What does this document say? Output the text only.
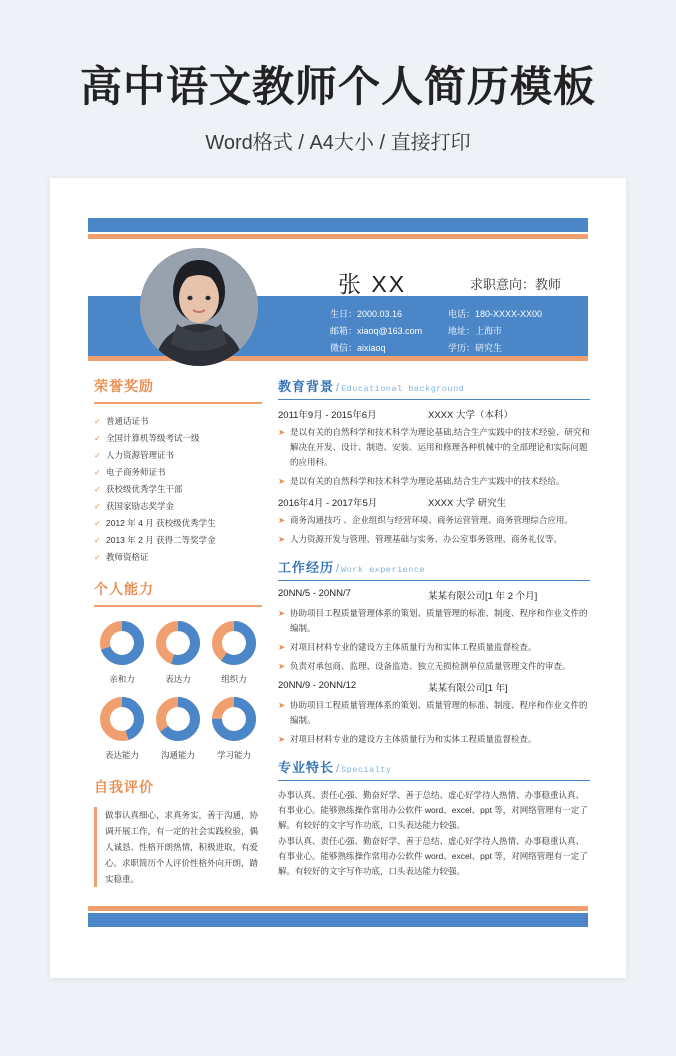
高中语文教师个人简历模板
Word格式 / A4大小 / 直接打印
张 XX	求职意向：教师
生日：2000.03.16	电话：180-XXXX-XX00
邮箱：xiaoq@163.com	地址：上海市
微信：aixiaoq	学历：研究生
荣誉奖励
✓ 普通话证书
✓ 全国计算机等级考试一级
✓ 人力资源管理证书
✓ 电子商务师证书
✓ 获校级优秀学生干部
✓ 获国家励志奖学金
✓ 2012 年 4 月 获校级优秀学生
✓ 2013 年 2 月 获得二等奖学金
✓ 教师资格证
个人能力
亲和力	表达力	组织力
表达能力	沟通能力	学习能力
自我评价
做事认真细心，求真务实，善于沟通，协调开展工作，有一定的社会实践检验，偶人诚恳、性格开朗热情，积极进取，有爱心。求职简历个人评价性格外向开朗，踏实稳重。
教育背景 / Educational background
2011年9月 - 2015年6月	XXXX 大学（本科）
➤ 是以有关的自然科学和技术科学为理论基础,结合生产实践中的技术经验、研究和解决在开发、设计、制造、安装、运用和修理各种机械中的全部理论和实际问题的应用科。
➤ 是以有关的自然科学和技术科学为理论基础,结合生产实践中的技术经给。
2016年4月 - 2017年5月	XXXX 大学 研究生
➤ 商务沟通技巧 、企业组织与经营环境、商务运营管理、商务管理综合应用。
➤ 人力资源开发与管理、管理基础与实务、办公室事务管理、商务礼仪等。
工作经历 / Work experience
20NN/5 - 20NN/7	某某有限公司[1 年 2 个月]
➤ 协助项目工程质量管理体系的策划、质量管理的标准、制度、程序和作业文件的编制。
➤ 对项目材料专业的建设方主体质量行为和实体工程质量监督检查。
➤ 负责对承包商、监理、设备监造、独立无损检测单位质量管理文件的审查。
20NN/9 - 20NN/12	某某有限公司[1 年]
➤ 协助项目工程质量管理体系的策划、质量管理的标准、制度、程序和作业文件的编制。
➤ 对项目材料专业的建设方主体质量行为和实体工程质量监督检查。
专业特长 / Specialty
办事认真、责任心强、勤奋好学、善于总结、虚心好学待人热情、办事稳重认真、有事业心。能够熟练操作常用办公软件 word、excel、ppt 等，对网络管理有一定了解。有较好的文字写作功底，口头表达能力较强。
办事认真、责任心强、勤奋好学、善于总结、虚心好学待人热情、办事稳重认真、有事业心。能够熟练操作常用办公软件 word、excel、ppt 等，对网络管理有一定了解。有较好的文字写作功底，口头表达能力较强。
